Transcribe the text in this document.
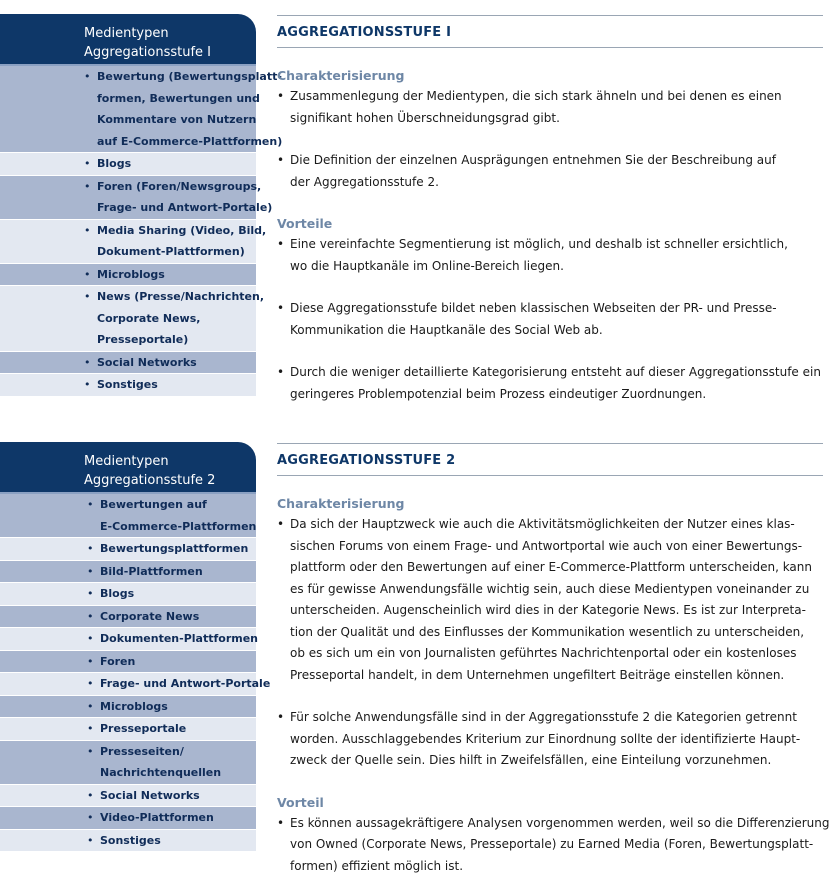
Medientypen
Aggregationsstufe I
• Bewertung (Bewertungsplatt-
formen, Bewertungen und
Kommentare von Nutzern
auf E-Commerce-Plattformen)
• Blogs
• Foren (Foren/Newsgroups,
Frage- und Antwort-Portale)
• Media Sharing (Video, Bild,
Dokument-Plattformen)
• Microblogs
• News (Presse/Nachrichten,
Corporate News,
Presseportale)
• Social Networks
• Sonstiges
Medientypen
Aggregationsstufe 2
• Bewertungen auf
E-Commerce-Plattformen
• Bewertungsplattformen
• Bild-Plattformen
• Blogs
• Corporate News
• Dokumenten-Plattformen
• Foren
• Frage- und Antwort-Portale
• Microblogs
• Presseportale
• Presseseiten/
Nachrichtenquellen
• Social Networks
• Video-Plattformen
• Sonstiges
AGGREGATIONSSTUFE I
Charakterisierung
• Zusammenlegung der Medientypen, die sich stark ähneln und bei denen es einen
signifikant hohen Überschneidungsgrad gibt.
• Die Definition der einzelnen Ausprägungen entnehmen Sie der Beschreibung auf
der Aggregationsstufe 2.
Vorteile
• Eine vereinfachte Segmentierung ist möglich, und deshalb ist schneller ersichtlich,
wo die Hauptkanäle im Online-Bereich liegen.
• Diese Aggregationsstufe bildet neben klassischen Webseiten der PR- und Presse-
Kommunikation die Hauptkanäle des Social Web ab.
• Durch die weniger detaillierte Kategorisierung entsteht auf dieser Aggregationsstufe ein
geringeres Problempotenzial beim Prozess eindeutiger Zuordnungen.
AGGREGATIONSSTUFE 2
Charakterisierung
• Da sich der Hauptzweck wie auch die Aktivitätsmöglichkeiten der Nutzer eines klas-
sischen Forums von einem Frage- und Antwortportal wie auch von einer Bewertungs-
plattform oder den Bewertungen auf einer E-Commerce-Plattform unterscheiden, kann
es für gewisse Anwendungsfälle wichtig sein, auch diese Medientypen voneinander zu
unterscheiden. Augenscheinlich wird dies in der Kategorie News. Es ist zur Interpreta-
tion der Qualität und des Einflusses der Kommunikation wesentlich zu unterscheiden,
ob es sich um ein von Journalisten geführtes Nachrichtenportal oder ein kostenloses
Presseportal handelt, in dem Unternehmen ungefiltert Beiträge einstellen können.
• Für solche Anwendungsfälle sind in der Aggregationsstufe 2 die Kategorien getrennt
worden. Ausschlaggebendes Kriterium zur Einordnung sollte der identifizierte Haupt-
zweck der Quelle sein. Dies hilft in Zweifelsfällen, eine Einteilung vorzunehmen.
Vorteil
• Es können aussagekräftigere Analysen vorgenommen werden, weil so die Differenzierung
von Owned (Corporate News, Presseportale) zu Earned Media (Foren, Bewertungsplatt-
formen) effizient möglich ist.
